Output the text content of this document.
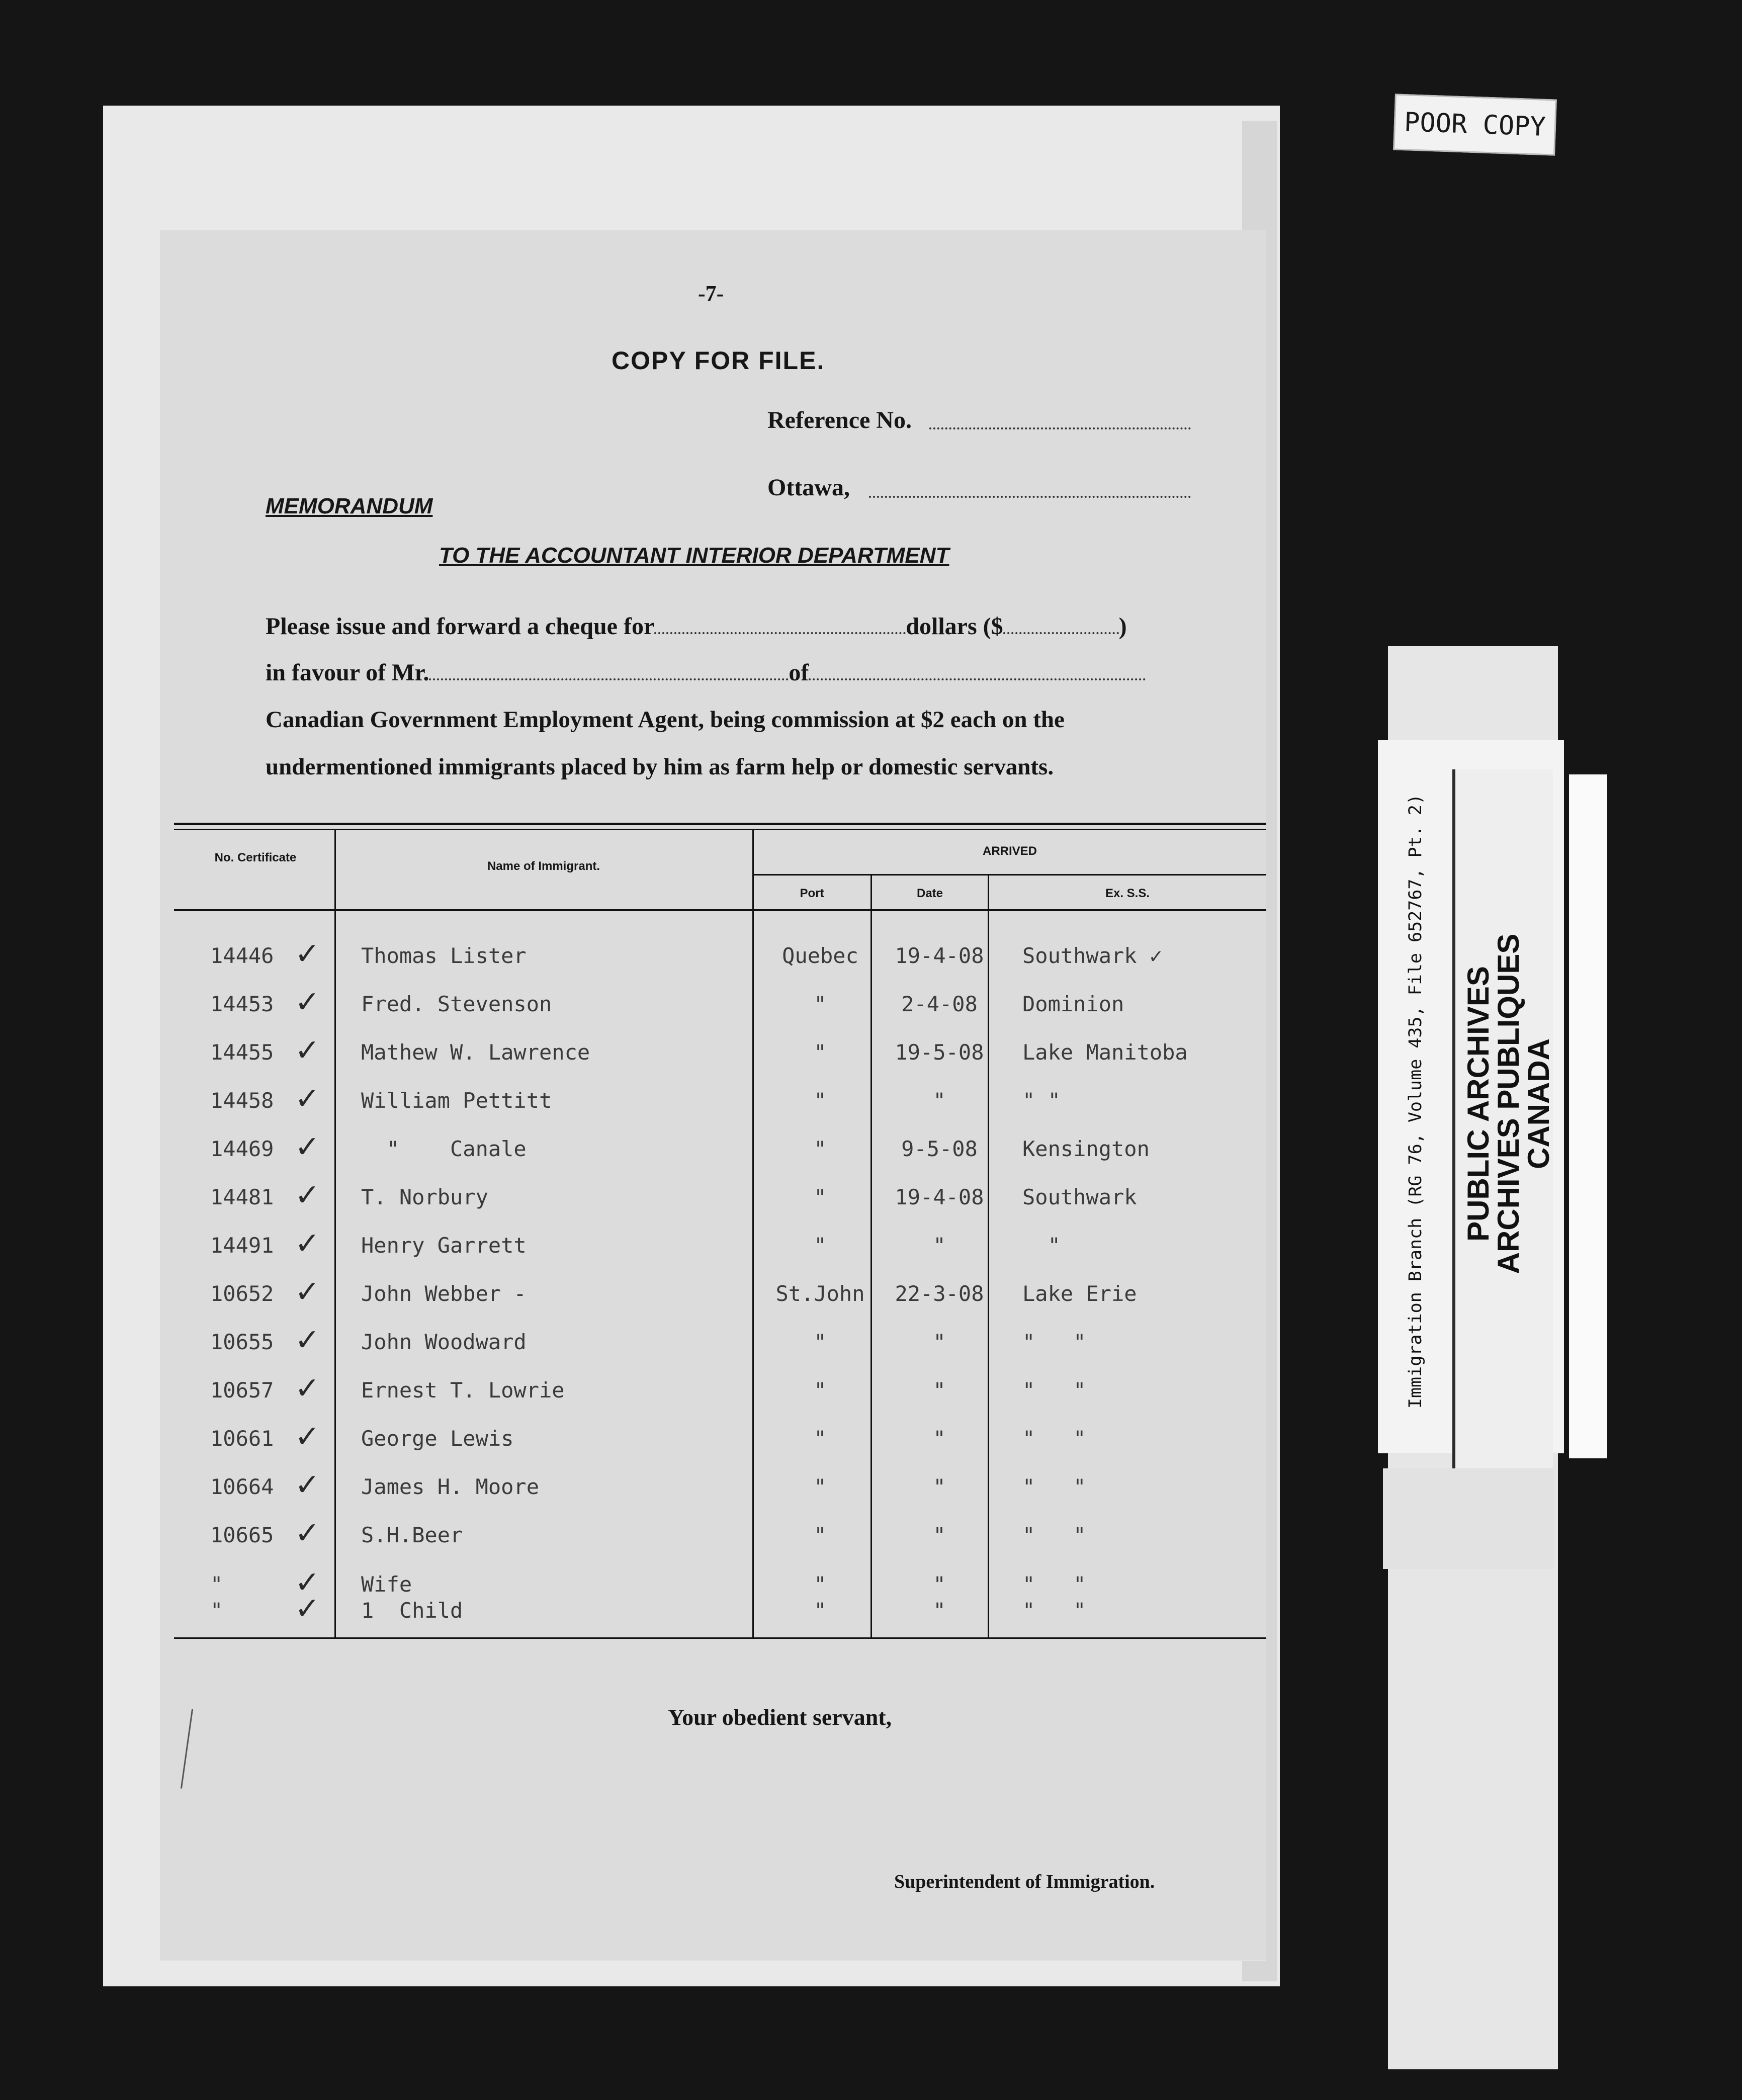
-7-
COPY FOR FILE.
Reference No.
Ottawa,
MEMORANDUM
TO THE ACCOUNTANT INTERIOR DEPARTMENT
Please issue and forward a cheque for	dollars ($	)
in favour of Mr.	of
Canadian Government Employment Agent, being commission at $2 each on the
undermentioned immigrants placed by him as farm help or domestic servants.
No. Certificate
Name of Immigrant.
ARRIVED
Port	Date	Ex. S.S.
14446 ✓ Thomas Lister	Quebec	19-4-08	Southwark ✓
14453 ✓ Fred. Stevenson	"	2-4-08	Dominion
14455 ✓ Mathew W. Lawrence	"	19-5-08	Lake Manitoba
14458 ✓ William Pettitt	"	"	" "
14469 ✓ "    Canale	"	9-5-08	Kensington
14481 ✓ T. Norbury	"	19-4-08	Southwark
14491 ✓ Henry Garrett	"	"	"
10652 ✓ John Webber -	St.John	22-3-08	Lake Erie
10655 ✓ John Woodward	"	"	"   "
10657 ✓ Ernest T. Lowrie	"	"	"   "
10661 ✓ George Lewis	"	"	"   "
10664 ✓ James H. Moore	"	"	"   "
10665 ✓ S.H.Beer	"	"	"   "
" ✓ Wife	"	"	"   "
" ✓ 1  Child	"	"	"   "
Your obedient servant,
Superintendent of Immigration.
POOR COPY
PUBLIC ARCHIVES
ARCHIVES PUBLIQUES
CANADA
Immigration Branch (RG 76, Volume 435, File 652767, Pt. 2)
